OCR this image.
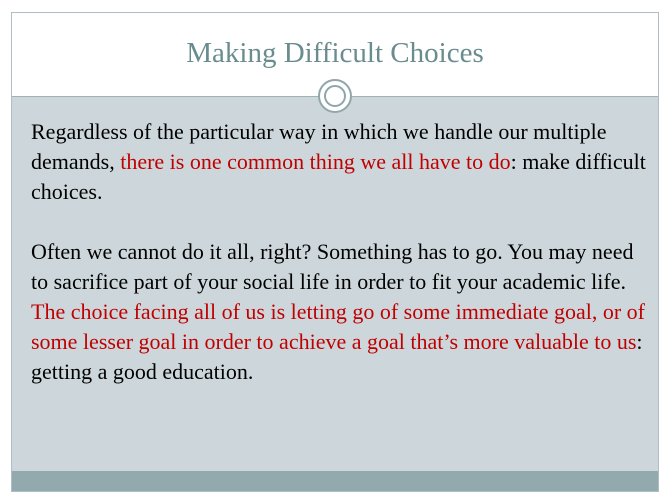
Making Difficult Choices

Regardless of the particular way in which we handle our multiple demands, there is one common thing we all have to do: make difficult choices.

Often we cannot do it all, right? Something has to go. You may need to sacrifice part of your social life in order to fit your academic life. The choice facing all of us is letting go of some immediate goal, or of some lesser goal in order to achieve a goal that’s more valuable to us: getting a good education.
